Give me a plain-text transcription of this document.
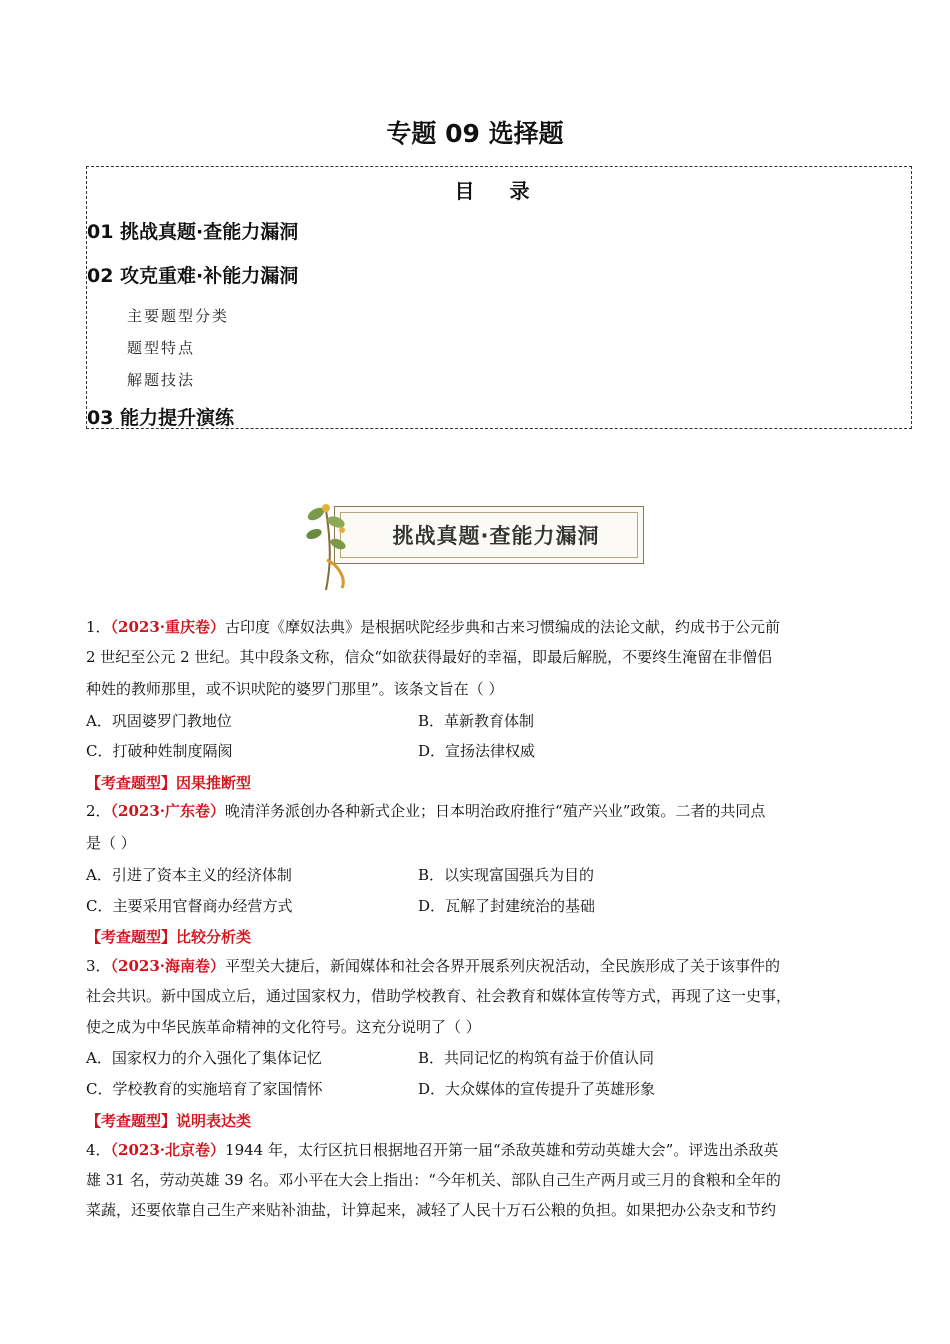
专题 09 选择题
目 录
01 挑战真题·查能力漏洞
02 攻克重难·补能力漏洞
主要题型分类
题型特点
解题技法
03 能力提升演练
挑战真题·查能力漏洞
1．（2023·重庆卷）古印度《摩奴法典》是根据吠陀经步典和古来习惯编成的法论文献，约成书于公元前
2 世纪至公元 2 世纪。其中段条文称，信众“如欲获得最好的幸福，即最后解脱，不要终生淹留在非僧侣
种姓的教师那里，或不识吠陀的婆罗门那里”。该条文旨在（ ）
A．巩固婆罗门教地位	B．革新教育体制
C．打破种姓制度隔阂	D．宣扬法律权威
【考查题型】因果推断型
2．（2023·广东卷）晚清洋务派创办各种新式企业；日本明治政府推行“殖产兴业”政策。二者的共同点
是（ ）
A．引进了资本主义的经济体制	B．以实现富国强兵为目的
C．主要采用官督商办经营方式	D．瓦解了封建统治的基础
【考查题型】比较分析类
3．（2023·海南卷）平型关大捷后，新闻媒体和社会各界开展系列庆祝活动，全民族形成了关于该事件的
社会共识。新中国成立后，通过国家权力，借助学校教育、社会教育和媒体宣传等方式，再现了这一史事，
使之成为中华民族革命精神的文化符号。这充分说明了（ ）
A．国家权力的介入强化了集体记忆	B．共同记忆的构筑有益于价值认同
C．学校教育的实施培育了家国情怀	D．大众媒体的宣传提升了英雄形象
【考查题型】说明表达类
4．（2023·北京卷）1944 年，太行区抗日根据地召开第一届“杀敌英雄和劳动英雄大会”。评选出杀敌英
雄 31 名，劳动英雄 39 名。邓小平在大会上指出：“今年机关、部队自己生产两月或三月的食粮和全年的
菜蔬，还要依靠自己生产来贴补油盐，计算起来，减轻了人民十万石公粮的负担。如果把办公杂支和节约
